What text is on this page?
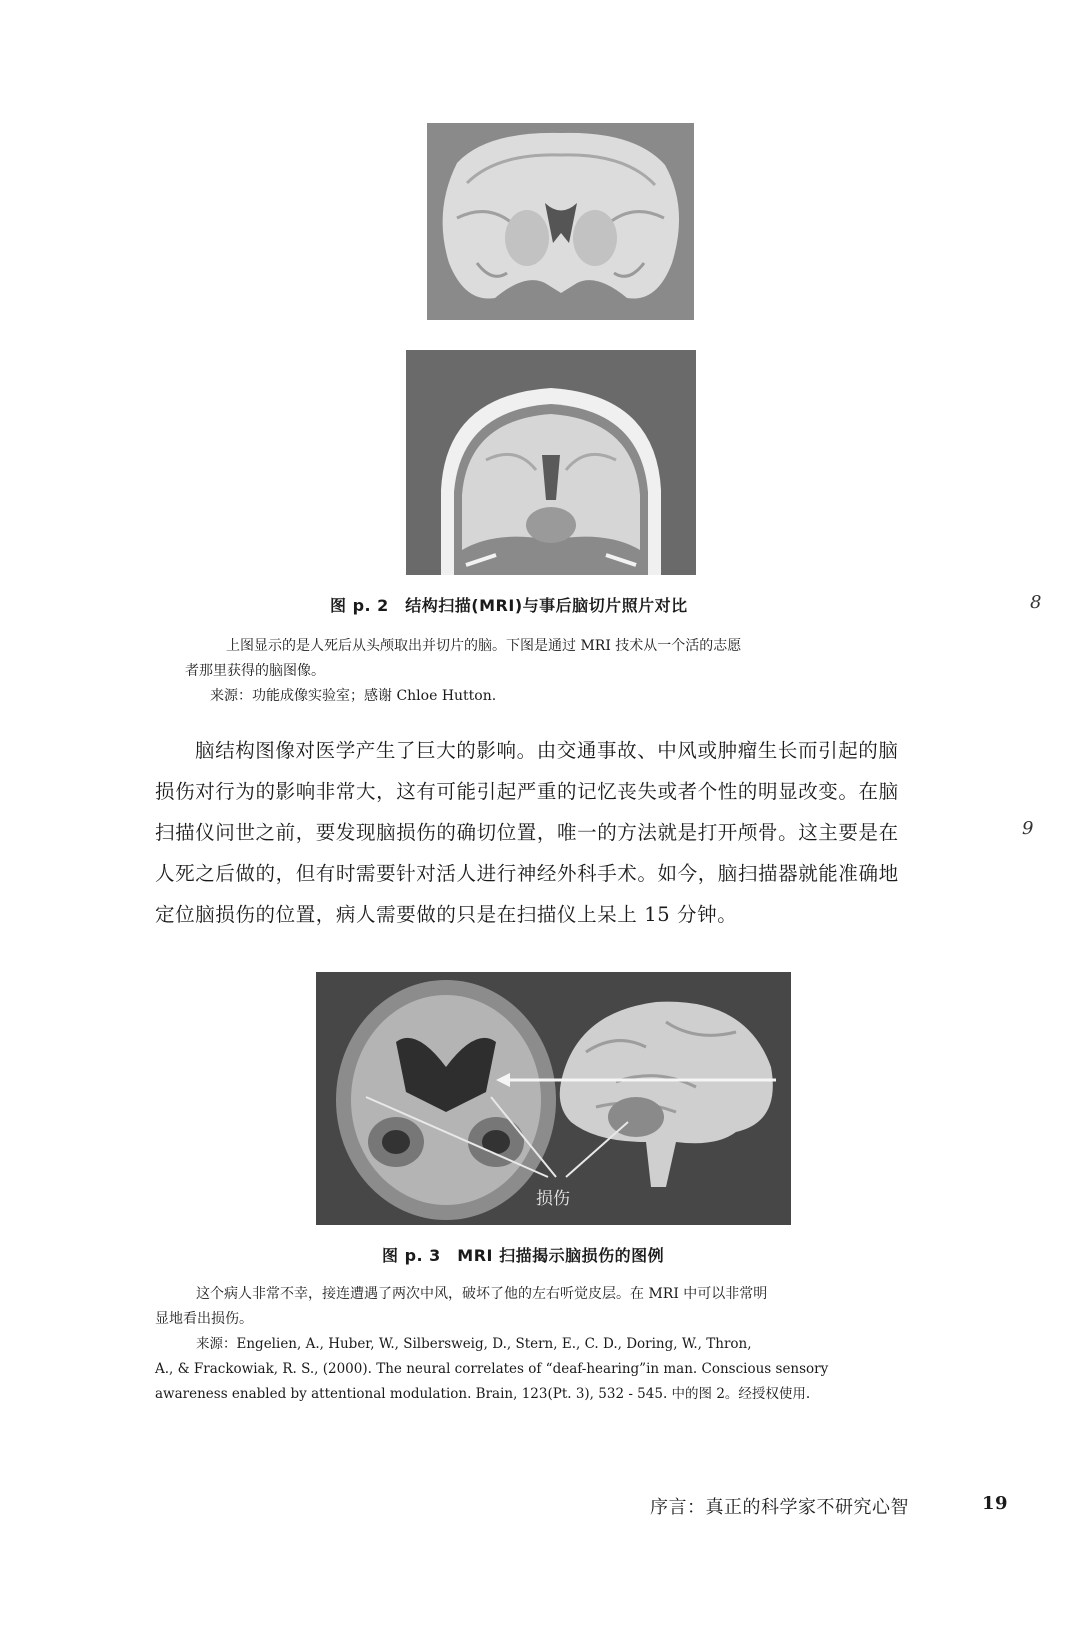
图 p. 2　结构扫描(MRI)与事后脑切片照片对比	8
上图显示的是人死后从头颅取出并切片的脑。下图是通过 MRI 技术从一个活的志愿
者那里获得的脑图像。
来源：功能成像实验室；感谢 Chloe Hutton.
脑结构图像对医学产生了巨大的影响。由交通事故、中风或肿瘤生长而引起的脑
损伤对行为的影响非常大，这有可能引起严重的记忆丧失或者个性的明显改变。在脑
扫描仪问世之前，要发现脑损伤的确切位置，唯一的方法就是打开颅骨。这主要是在	9
人死之后做的，但有时需要针对活人进行神经外科手术。如今，脑扫描器就能准确地
定位脑损伤的位置，病人需要做的只是在扫描仪上呆上 15 分钟。
损伤
图 p. 3　MRI 扫描揭示脑损伤的图例
这个病人非常不幸，接连遭遇了两次中风，破坏了他的左右听觉皮层。在 MRI 中可以非常明
显地看出损伤。
来源：Engelien, A., Huber, W., Silbersweig, D., Stern, E., C. D., Doring, W., Thron,
A., & Frackowiak, R. S., (2000). The neural correlates of “deaf-hearing”in man. Conscious sensory
awareness enabled by attentional modulation. Brain, 123(Pt. 3), 532 - 545. 中的图 2。经授权使用.
序言：真正的科学家不研究心智	19
